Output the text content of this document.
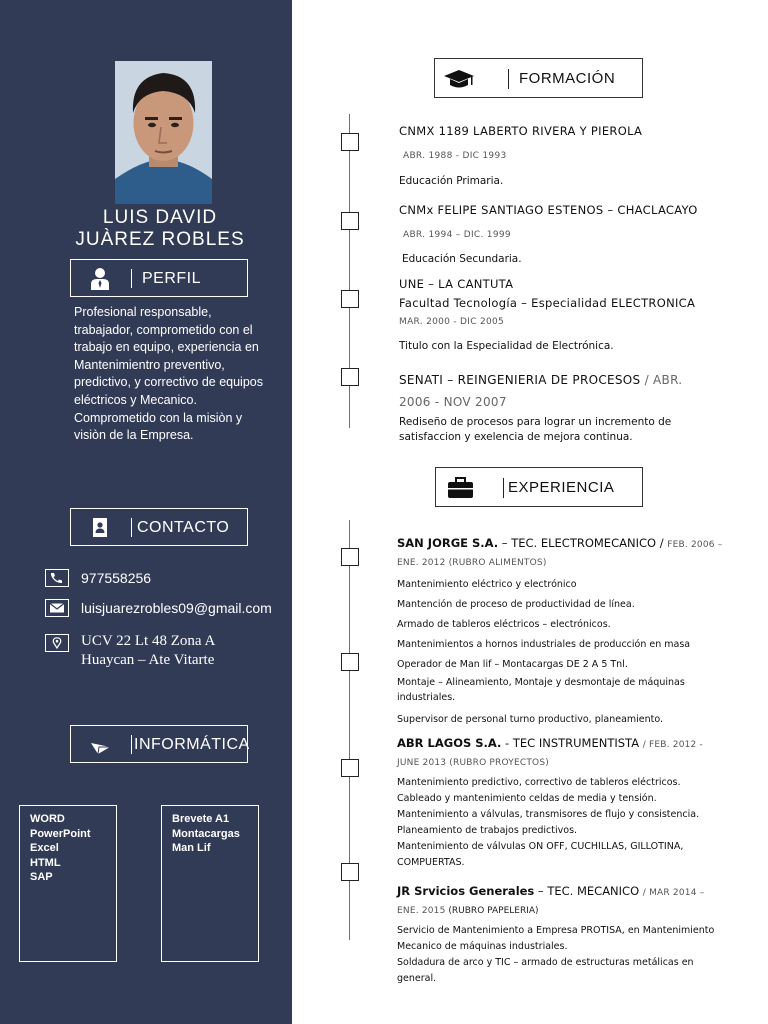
LUIS DAVID
JUÀREZ ROBLES
PERFIL
Profesional responsable, trabajador, comprometido con el trabajo en equipo, experiencia en Mantenimientro preventivo, predictivo, y correctivo de equipos eléctricos y Mecanico. Comprometido con la misiòn y visiòn de la Empresa.
CONTACTO
977558256
luisjuarezrobles09@gmail.com
UCV 22 Lt 48 Zona A
Huaycan – Ate Vitarte
INFORMÁTICA
WORD
PowerPoint
Excel
HTML
SAP
Brevete A1
Montacargas
Man Lif
FORMACIÓN
CNMX 1189 LABERTO RIVERA Y PIEROLA
ABR. 1988 - DIC 1993
Educación Primaria.
CNMx FELIPE SANTIAGO ESTENOS – CHACLACAYO
ABR. 1994 – DIC. 1999
Educación Secundaria.
UNE – LA CANTUTA
Facultad Tecnología – Especialidad ELECTRONICA
MAR. 2000 - DIC 2005
Titulo con la Especialidad de Electrónica.
SENATI – REINGENIERIA DE PROCESOS / ABR.
2006 - NOV 2007
Rediseño de procesos para lograr un incremento de satisfaccion y exelencia de mejora continua.
EXPERIENCIA
SAN JORGE S.A. – TEC. ELECTROMECANICO / FEB. 2006 – ENE. 2012 (RUBRO ALIMENTOS)
Mantenimiento eléctrico y electrónico
Mantención de proceso de productividad de línea.
Armado de tableros eléctricos – electrónicos.
Mantenimientos a hornos industriales de producción en masa
Operador de Man lif – Montacargas DE 2 A 5 Tnl.
Montaje – Alineamiento, Montaje y desmontaje de máquinas industriales.
Supervisor de personal turno productivo, planeamiento.
ABR LAGOS S.A. - TEC INSTRUMENTISTA / FEB. 2012 - JUNE 2013 (RUBRO PROYECTOS)
Mantenimiento predictivo, correctivo de tableros eléctricos.
Cableado y mantenimiento celdas de media y tensión.
Mantenimiento a válvulas, transmisores de flujo y consistencia.
Planeamiento de trabajos predictivos.
Mantenimiento de válvulas ON OFF, CUCHILLAS, GILLOTINA, COMPUERTAS.
JR Srvicios Generales – TEC. MECANICO / MAR 2014 – ENE. 2015 (RUBRO PAPELERIA)
Servicio de Mantenimiento a Empresa PROTISA, en Mantenimiento Mecanico de máquinas industriales.
Soldadura de arco y TIC – armado de estructuras metálicas en general.
